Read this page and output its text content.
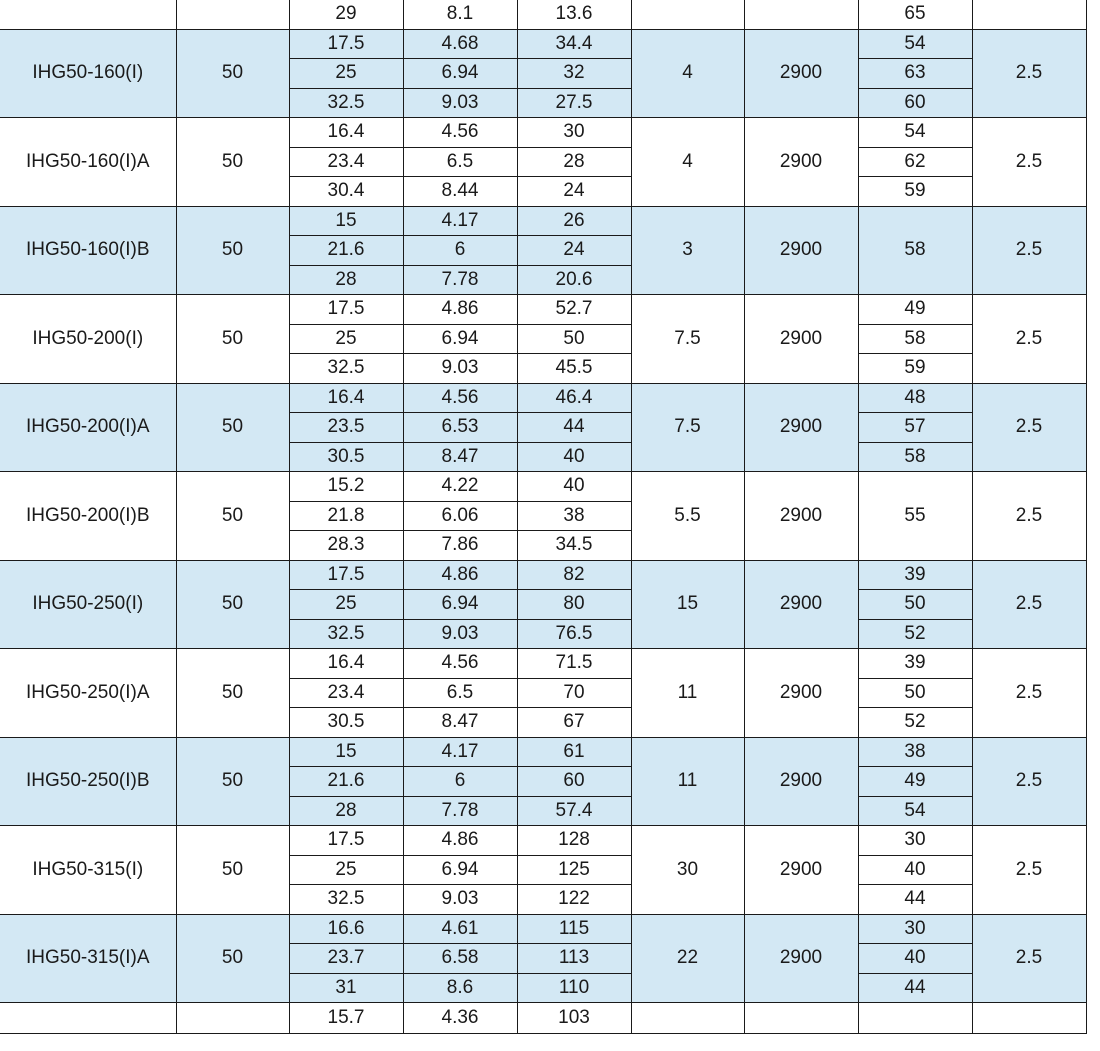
		29	8.1	13.6			65	
IHG50-160(I)	50	17.5	4.68	34.4	4	2900	54	2.5
		25	6.94	32			63	
		32.5	9.03	27.5			60	
IHG50-160(I)A	50	16.4	4.56	30	4	2900	54	2.5
		23.4	6.5	28			62	
		30.4	8.44	24			59	
IHG50-160(I)B	50	15	4.17	26	3	2900	58	2.5
		21.6	6	24				
		28	7.78	20.6				
IHG50-200(I)	50	17.5	4.86	52.7	7.5	2900	49	2.5
		25	6.94	50			58	
		32.5	9.03	45.5			59	
IHG50-200(I)A	50	16.4	4.56	46.4	7.5	2900	48	2.5
		23.5	6.53	44			57	
		30.5	8.47	40			58	
IHG50-200(I)B	50	15.2	4.22	40	5.5	2900	55	2.5
		21.8	6.06	38				
		28.3	7.86	34.5				
IHG50-250(I)	50	17.5	4.86	82	15	2900	39	2.5
		25	6.94	80			50	
		32.5	9.03	76.5			52	
IHG50-250(I)A	50	16.4	4.56	71.5	11	2900	39	2.5
		23.4	6.5	70			50	
		30.5	8.47	67			52	
IHG50-250(I)B	50	15	4.17	61	11	2900	38	2.5
		21.6	6	60			49	
		28	7.78	57.4			54	
IHG50-315(I)	50	17.5	4.86	128	30	2900	30	2.5
		25	6.94	125			40	
		32.5	9.03	122			44	
IHG50-315(I)A	50	16.6	4.61	115	22	2900	30	2.5
		23.7	6.58	113			40	
		31	8.6	110			44	
		15.7	4.36	103				
